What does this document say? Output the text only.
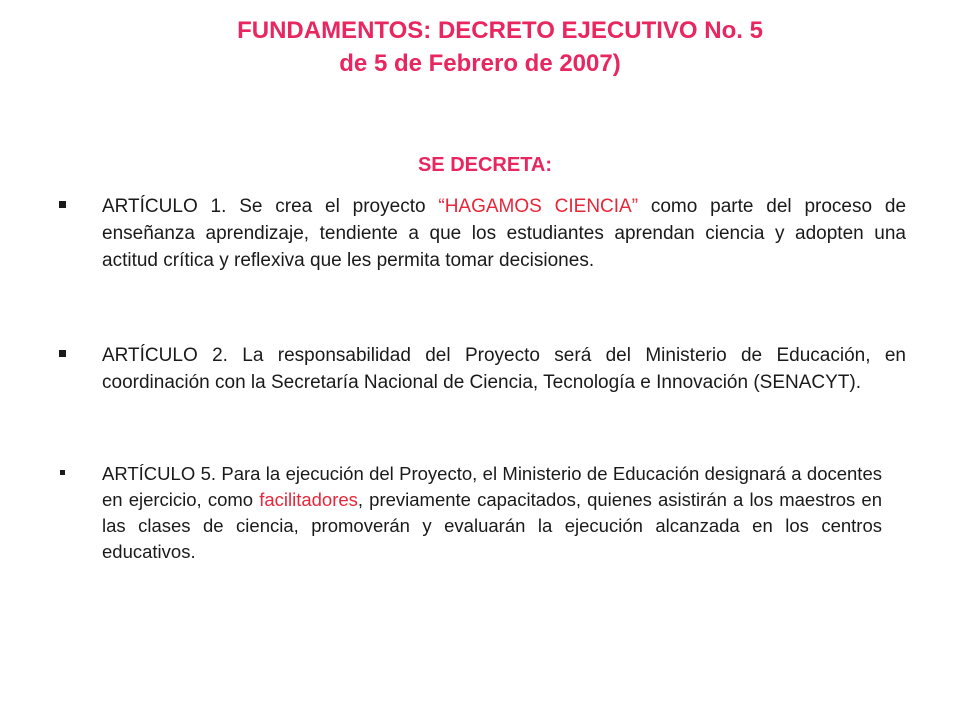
FUNDAMENTOS: DECRETO EJECUTIVO No. 5
de 5 de Febrero de 2007)
SE DECRETA:
ARTÍCULO 1. Se crea el proyecto “HAGAMOS CIENCIA” como parte del proceso de enseñanza aprendizaje, tendiente a que los estudiantes aprendan ciencia y adopten una actitud crítica y reflexiva que les permita tomar decisiones.
ARTÍCULO 2. La responsabilidad del Proyecto será del Ministerio de Educación, en coordinación con la Secretaría Nacional de Ciencia, Tecnología e Innovación (SENACYT).
ARTÍCULO 5. Para la ejecución del Proyecto, el Ministerio de Educación designará a docentes en ejercicio, como facilitadores, previamente capacitados, quienes asistirán a los maestros en las clases de ciencia, promoverán y evaluarán la ejecución alcanzada en los centros educativos.
